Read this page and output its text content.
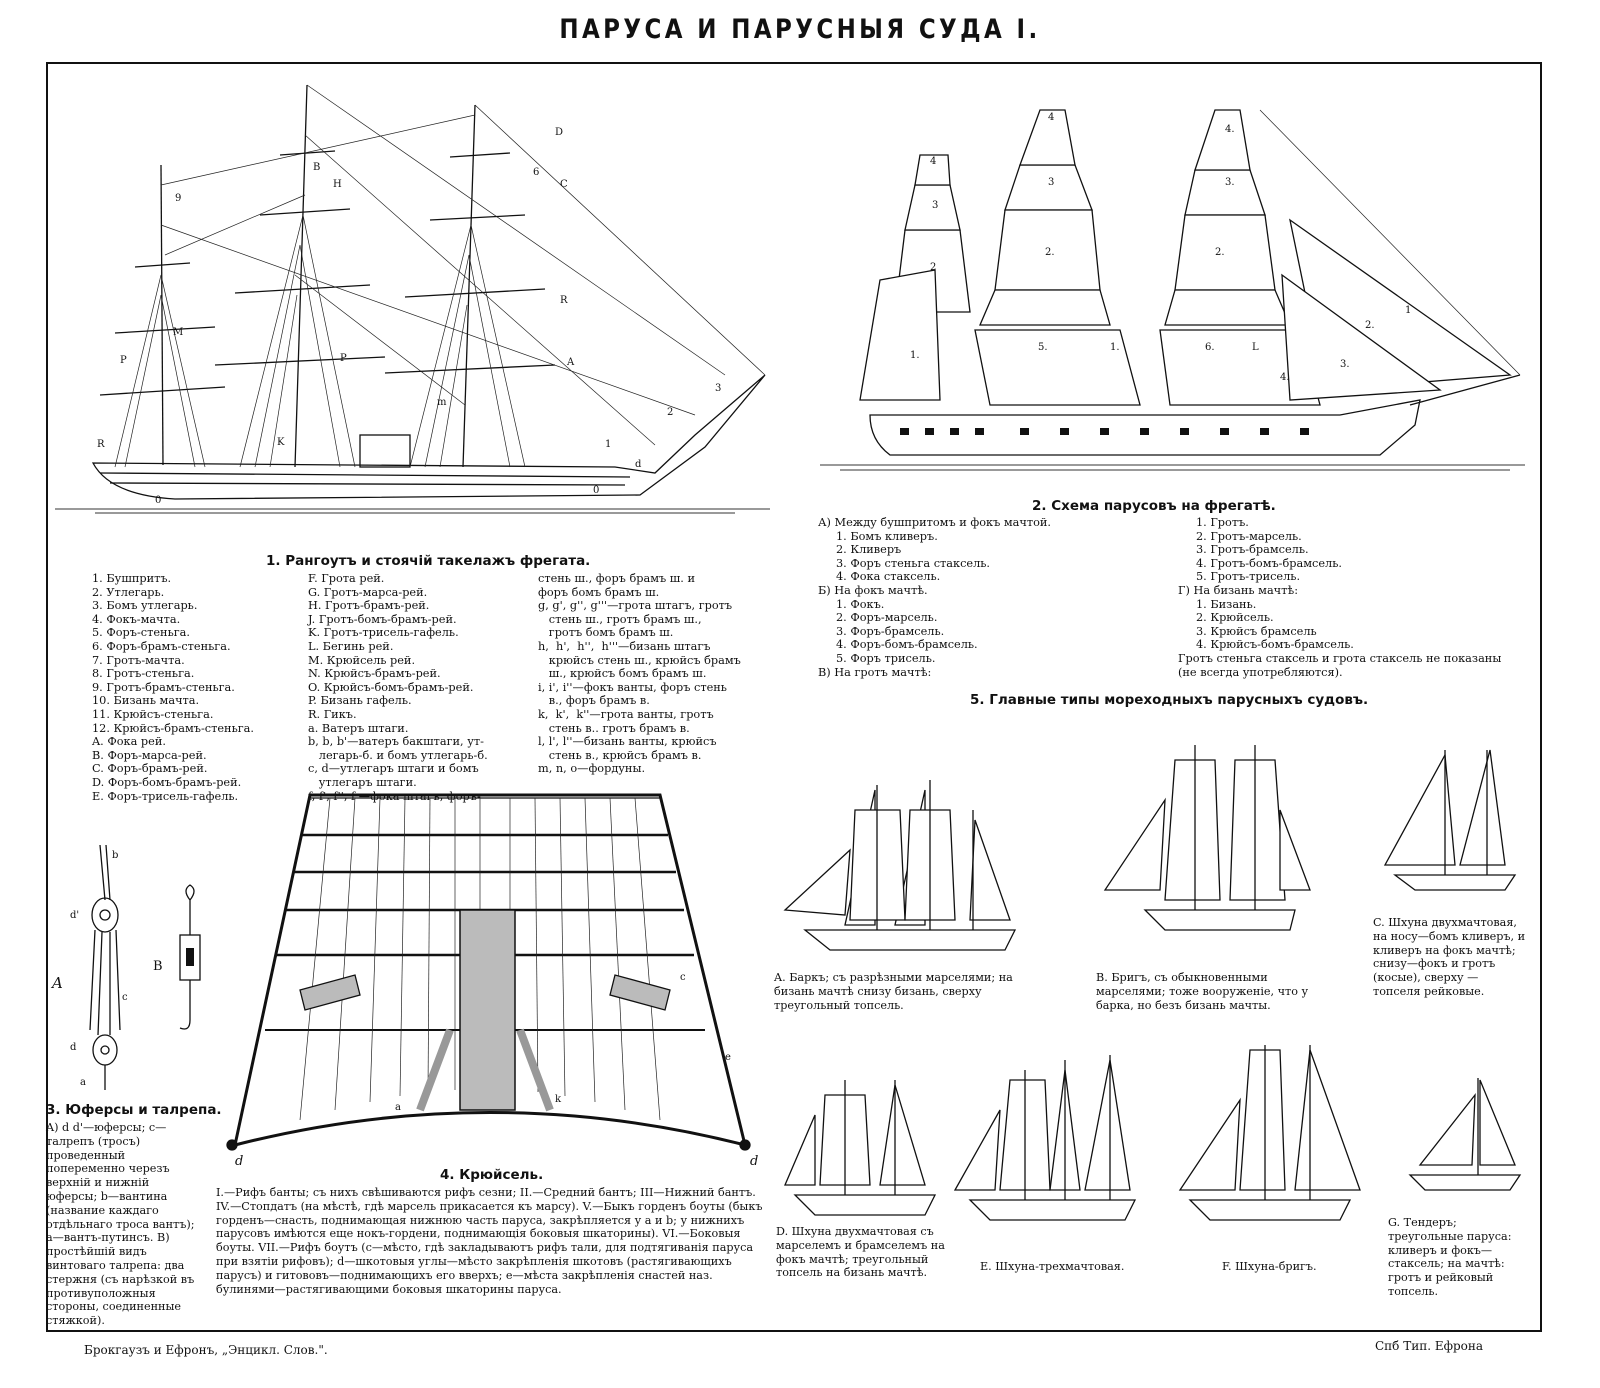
ПАРУСА И ПАРУСНЫЯ СУДА I.
9
D
6
C
B
H
R
A
P
P
M
0
R	1
2
3
0
d
K
m
1. Рангоутъ и стоячiй такелажъ фрегата.
1. Бушпритъ.
2. Утлегарь.
3. Бомъ утлегарь.
4. Фокъ-мачта.
5. Форъ-стеньга.
6. Форъ-брамъ-стеньга.
7. Гротъ-мачта.
8. Гротъ-стеньга.
9. Гротъ-брамъ-стеньга.
10. Бизань мачта.
11. Крюйсъ-стеньга.
12. Крюйсъ-брамъ-стеньга.
A. Фока рей.
B. Форъ-марса-рей.
C. Форъ-брамъ-рей.
D. Форъ-бомъ-брамъ-рей.
E. Форъ-трисель-гафель.
F. Грота рей.
G. Гротъ-марса-рей.
H. Гротъ-брамъ-рей.
J. Гротъ-бомъ-брамъ-рей.
K. Гротъ-трисель-гафель.
L. Бегинь рей.
M. Крюйсель рей.
N. Крюйсъ-брамъ-рей.
O. Крюйсъ-бомъ-брамъ-рей.
P. Бизань гафель.
R. Гикъ.
a. Ватеръ штаги.
b, b, b'—ватеръ бакштаги, ут-
легарь-б. и бомъ утлегарь-б.
c, d—утлегаръ штаги и бомъ
утлегаръ штаги.
f, f', f'', f —фока штагъ, форъ-
стень ш., форъ брамъ ш. и
форъ бомъ брамъ ш.
g, g', g'', g'''—грота штагъ, гротъ
стень ш., гротъ брамъ ш.,
гротъ бомъ брамъ ш.
h,  h',  h'',  h'''—бизань штагъ
крюйсъ стень ш., крюйсъ брамъ
ш., крюйсъ бомъ брамъ ш.
i, i', i''—фокъ ванты, форъ стень
в., форъ брамъ в.
k,  k',  k''—грота ванты, гротъ
стень в.. гротъ брамъ в.
l, l', l''—бизань ванты, крюйсъ
стень в., крюйсъ брамъ в.
m, n, o—фордуны.
4
3
2
1.
4
3
2.
5.	1.
4.
3.
2.
6.	L
4.
3.
2.
1
2. Схема парусовъ на фрегатѣ.
А) Между бушпритомъ и фокъ мачтой.
1. Бомъ кливеръ.
2. Кливеръ
3. Форъ стеньга стаксель.
4. Фока стаксель.
Б) На фокъ мачтѣ.
1. Фокъ.
2. Форъ-марсель.
3. Форъ-брамсель.
4. Форъ-бомъ-брамсель.
5. Форъ трисель.
В) На гротъ мачтѣ:
1. Гротъ.
2. Гротъ-марсель.
3. Гротъ-брамсель.
4. Гротъ-бомъ-брамсель.
5. Гротъ-трисель.
Г) На бизань мачтѣ:
1. Бизань.
2. Крюйсель.
3. Крюйсъ брамсель
4. Крюйсъ-бомъ-брамсель.
Гротъ стеньга стаксель и грота стаксель не показаны
(не всегда употребляются).
A
B
b
d'
c
d
a
3. Юферсы и талрепа.
A) d d'—юферсы; c—талрепъ (тросъ) проведенный попеременно черезъ верхнiй и нижнiй юферсы; b—вантина (название каждаго отдѣльнаго троса вантъ); a—вантъ-путинсъ. B) простѣйшiй видъ винтоваго талрепа: два стержня (съ нарѣзкой въ противуположныя стороны, соединенные стяжкой).
d	d
c
e
a
k
4. Крюйсель.
I.—Рифъ банты; съ нихъ свѣшиваются рифъ сезни; II.—Средний бантъ; III—Нижний бантъ. IV.—Стопдатъ (на мѣстѣ, гдѣ марсель прикасается къ марсу). V.—Быкъ горденъ боуты (быкъ горденъ—снасть, поднимающая нижнюю часть паруса, закрѣпляется у а и b; у нижнихъ парусовъ имѣются еще нокъ-гордени, поднимающiя боковыя шкаторины). VI.—Боковыя боуты. VII.—Рифъ боутъ (с—мѣсто, гдѣ закладываютъ рифъ тали, для подтягиванiя паруса при взятiи рифовъ); d—шкотовыя углы—мѣсто закрѣпленiя шкотовъ (растягивающихъ парусъ) и гитововъ—поднимающихъ его вверхъ; e—мѣста закрѣпленiя снастей наз. булинями—растягивающими боковыя шкаторины паруса.
5. Главные типы мореходныхъ парусныхъ судовъ.
A. Баркъ; съ разрѣзными марселями; на бизань мачтѣ снизу бизань, сверху треугольный топсель.
B. Бригъ, съ обыкновенными марселями; тоже вооруженiе, что у барка, но безъ бизань мачты.
C. Шхуна двухмачтовая, на носу—бомъ кливеръ, и кливеръ на фокъ мачтѣ; снизу—фокъ и гротъ (косые), сверху — топселя рейковые.
D. Шхуна двухмачтовая съ марселемъ и брамселемъ на фокъ мачтѣ; треугольный топсель на бизань мачтѣ.	E. Шхуна-трехмачтовая.	F. Шхуна-бригъ.
G. Тендеръ; треугольные паруса: кливеръ и фокъ—стаксель; на мачтѣ: гротъ и рейковый топсель.
Брокгаузъ и Ефронъ, „Энцикл. Слов.".	Спб Тип. Ефрона
